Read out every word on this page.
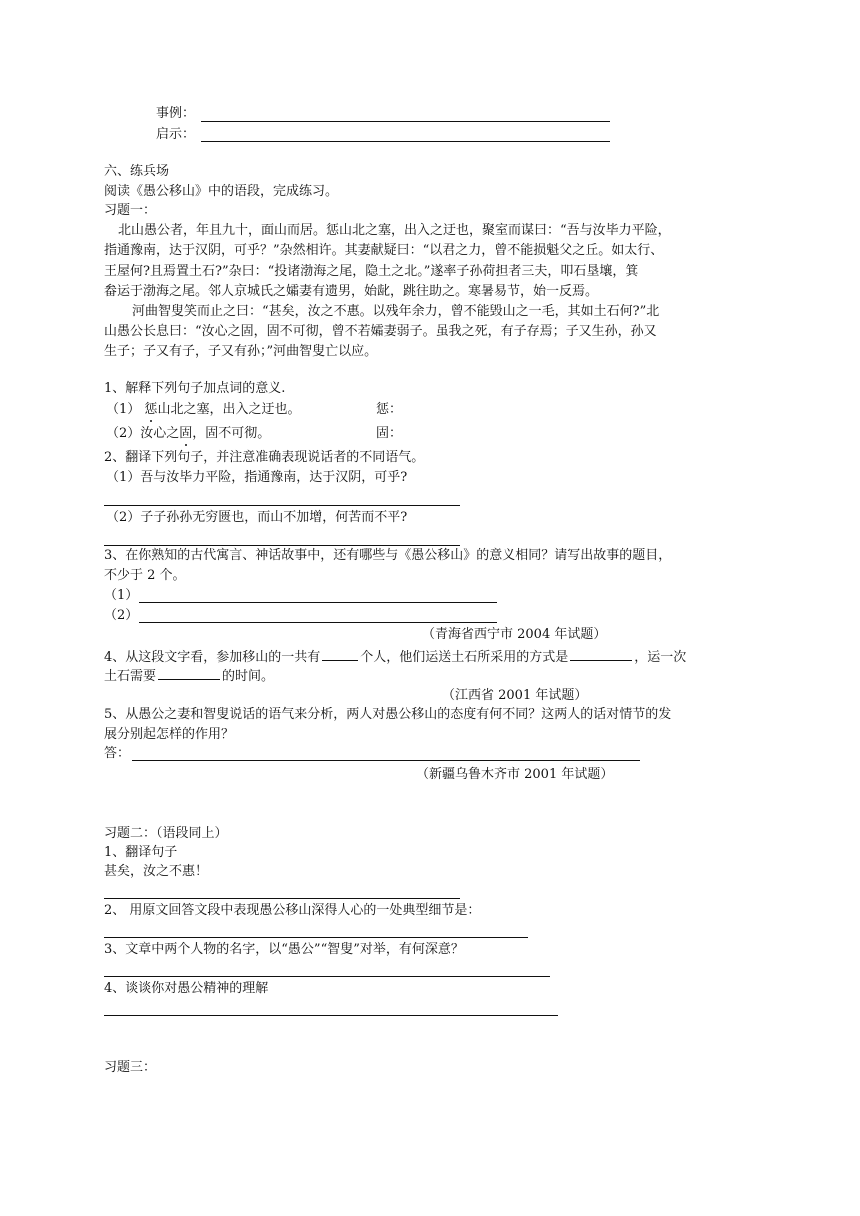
事例：
启示：
六、练兵场
阅读《愚公移山》中的语段，完成练习。
习题一：
北山愚公者，年且九十，面山而居。惩山北之塞，出入之迂也，聚室而谋曰：“吾与汝毕力平险，
指通豫南，达于汉阴，可乎？”杂然相许。其妻献疑曰：“以君之力，曾不能损魁父之丘。如太行、
王屋何?且焉置土石?”杂曰：“投诸渤海之尾，隐土之北。”遂率子孙荷担者三夫，叩石垦壤，箕
畚运于渤海之尾。邻人京城氏之孀妻有遗男，始龀，跳往助之。寒暑易节，始一反焉。
河曲智叟笑而止之曰：“甚矣，汝之不惠。以残年余力，曾不能毁山之一毛，其如土石何?”北
山愚公长息曰：“汝心之固，固不可彻，曾不若孀妻弱子。虽我之死，有子存焉；子又生孙，孙又
生子；子又有子，子又有孙；”河曲智叟亡以应。
1、解释下列句子加点词的意义.
（1） 惩山北之塞，出入之迂也。	惩：
（2）汝心之固，固不可彻。	固：
2、翻译下列句子，并注意准确表现说话者的不同语气。
（1）吾与汝毕力平险，指通豫南，达于汉阴，可乎?
（2）子子孙孙无穷匮也，而山不加增，何苦而不平?
3、在你熟知的古代寓言、神话故事中，还有哪些与《愚公移山》的意义相同？请写出故事的题目，
不少于 2 个。
（1）
（2）
（青海省西宁市 2004 年试题）
4、从这段文字看，参加移山的一共有	个人，他们运送土石所采用的方式是	，运一次
土石需要	的时间。
（江西省 2001 年试题）
5、从愚公之妻和智叟说话的语气来分析，两人对愚公移山的态度有何不同？这两人的话对情节的发
展分别起怎样的作用？
答：
（新疆乌鲁木齐市 2001 年试题）
习题二：（语段同上）
1、翻译句子
甚矣，汝之不惠！
2、 用原文回答文段中表现愚公移山深得人心的一处典型细节是：
3、文章中两个人物的名字，以“愚公”“智叟”对举，有何深意？
4、谈谈你对愚公精神的理解
习题三：
